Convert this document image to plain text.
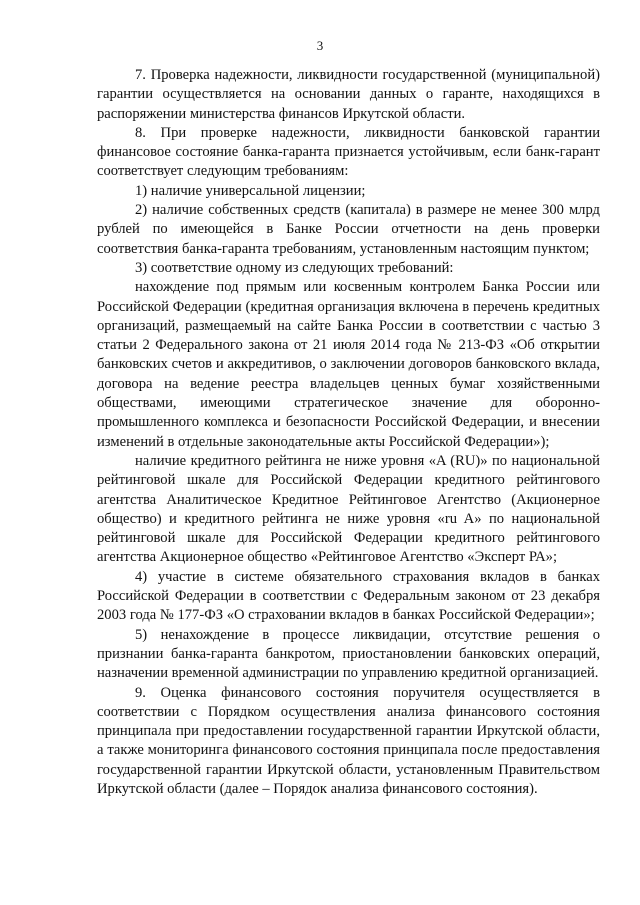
3

7. Проверка надежности, ликвидности государственной (муниципальной) гарантии осуществляется на основании данных о гаранте, находящихся в распоряжении министерства финансов Иркутской области.

8. При проверке надежности, ликвидности банковской гарантии финансовое состояние банка-гаранта признается устойчивым, если банк-гарант соответствует следующим требованиям:

1) наличие универсальной лицензии;

2) наличие собственных средств (капитала) в размере не менее 300 млрд рублей по имеющейся в Банке России отчетности на день проверки соответствия банка-гаранта требованиям, установленным настоящим пунктом;

3) соответствие одному из следующих требований:

нахождение под прямым или косвенным контролем Банка России или Российской Федерации (кредитная организация включена в перечень кредитных организаций, размещаемый на сайте Банка России в соответствии с частью 3 статьи 2 Федерального закона от 21 июля 2014 года № 213-ФЗ «Об открытии банковских счетов и аккредитивов, о заключении договоров банковского вклада, договора на ведение реестра владельцев ценных бумаг хозяйственными обществами, имеющими стратегическое значение для оборонно-промышленного комплекса и безопасности Российской Федерации, и внесении изменений в отдельные законодательные акты Российской Федерации»);

наличие кредитного рейтинга не ниже уровня «A (RU)» по национальной рейтинговой шкале для Российской Федерации кредитного рейтингового агентства Аналитическое Кредитное Рейтинговое Агентство (Акционерное общество) и кредитного рейтинга не ниже уровня «ru A» по национальной рейтинговой шкале для Российской Федерации кредитного рейтингового агентства Акционерное общество «Рейтинговое Агентство «Эксперт РА»;

4) участие в системе обязательного страхования вкладов в банках Российской Федерации в соответствии с Федеральным законом от 23 декабря 2003 года № 177-ФЗ «О страховании вкладов в банках Российской Федерации»;

5) ненахождение в процессе ликвидации, отсутствие решения о признании банка-гаранта банкротом, приостановлении банковских операций, назначении временной администрации по управлению кредитной организацией.

9. Оценка финансового состояния поручителя осуществляется в соответствии с Порядком осуществления анализа финансового состояния принципала при предоставлении государственной гарантии Иркутской области, а также мониторинга финансового состояния принципала после предоставления государственной гарантии Иркутской области, установленным Правительством Иркутской области (далее – Порядок анализа финансового состояния).
